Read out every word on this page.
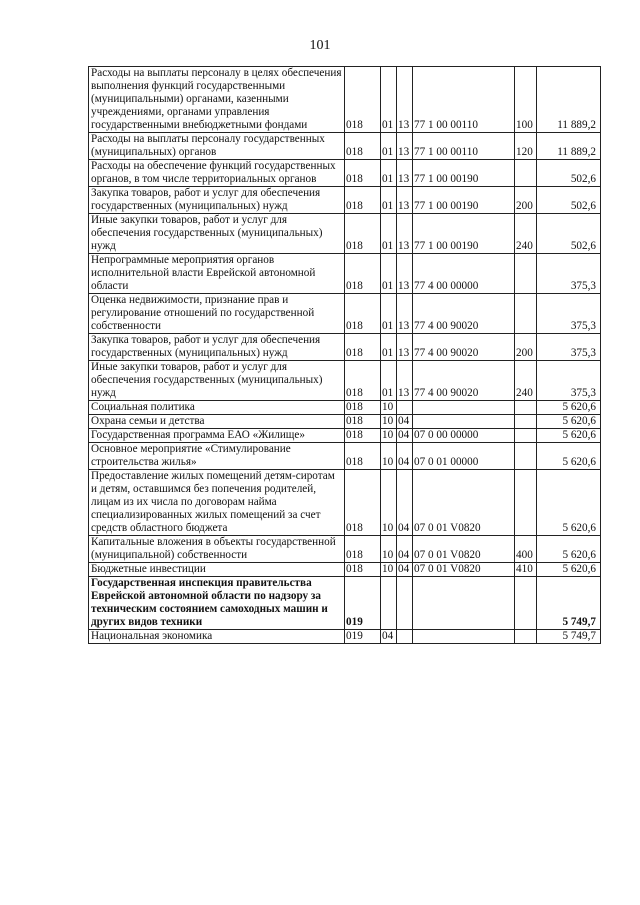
101
Расходы на выплаты персоналу в целях обеспечения выполнения функций государственными (муниципальными) органами, казенными учреждениями, органами управления государственными внебюджетными фондами	018	01	13	77 1 00 00110	100	11 889,2
Расходы на выплаты персоналу государственных (муниципальных) органов	018	01	13	77 1 00 00110	120	11 889,2
Расходы на обеспечение функций государственных органов, в том числе территориальных органов	018	01	13	77 1 00 00190		502,6
Закупка товаров, работ и услуг для обеспечения государственных (муниципальных) нужд	018	01	13	77 1 00 00190	200	502,6
Иные закупки товаров, работ и услуг для обеспечения государственных (муниципальных) нужд	018	01	13	77 1 00 00190	240	502,6
Непрограммные мероприятия органов исполнительной власти Еврейской автономной области	018	01	13	77 4 00 00000		375,3
Оценка недвижимости, признание прав и регулирование отношений по государственной собственности	018	01	13	77 4 00 90020		375,3
Закупка товаров, работ и услуг для обеспечения государственных (муниципальных) нужд	018	01	13	77 4 00 90020	200	375,3
Иные закупки товаров, работ и услуг для обеспечения государственных (муниципальных) нужд	018	01	13	77 4 00 90020	240	375,3
Социальная политика	018	10				5 620,6
Охрана семьи и детства	018	10	04			5 620,6
Государственная программа ЕАО «Жилище»	018	10	04	07 0 00 00000		5 620,6
Основное мероприятие «Стимулирование строительства жилья»	018	10	04	07 0 01 00000		5 620,6
Предоставление жилых помещений детям-сиротам и детям, оставшимся без попечения родителей, лицам из их числа по договорам найма специализированных жилых помещений за счет средств областного бюджета	018	10	04	07 0 01 V0820		5 620,6
Капитальные вложения в объекты государственной (муниципальной) собственности	018	10	04	07 0 01 V0820	400	5 620,6
Бюджетные инвестиции	018	10	04	07 0 01 V0820	410	5 620,6
Государственная инспекция правительства Еврейской автономной области по надзору за техническим состоянием самоходных машин и других видов техники	019					5 749,7
Национальная экономика	019	04				5 749,7
